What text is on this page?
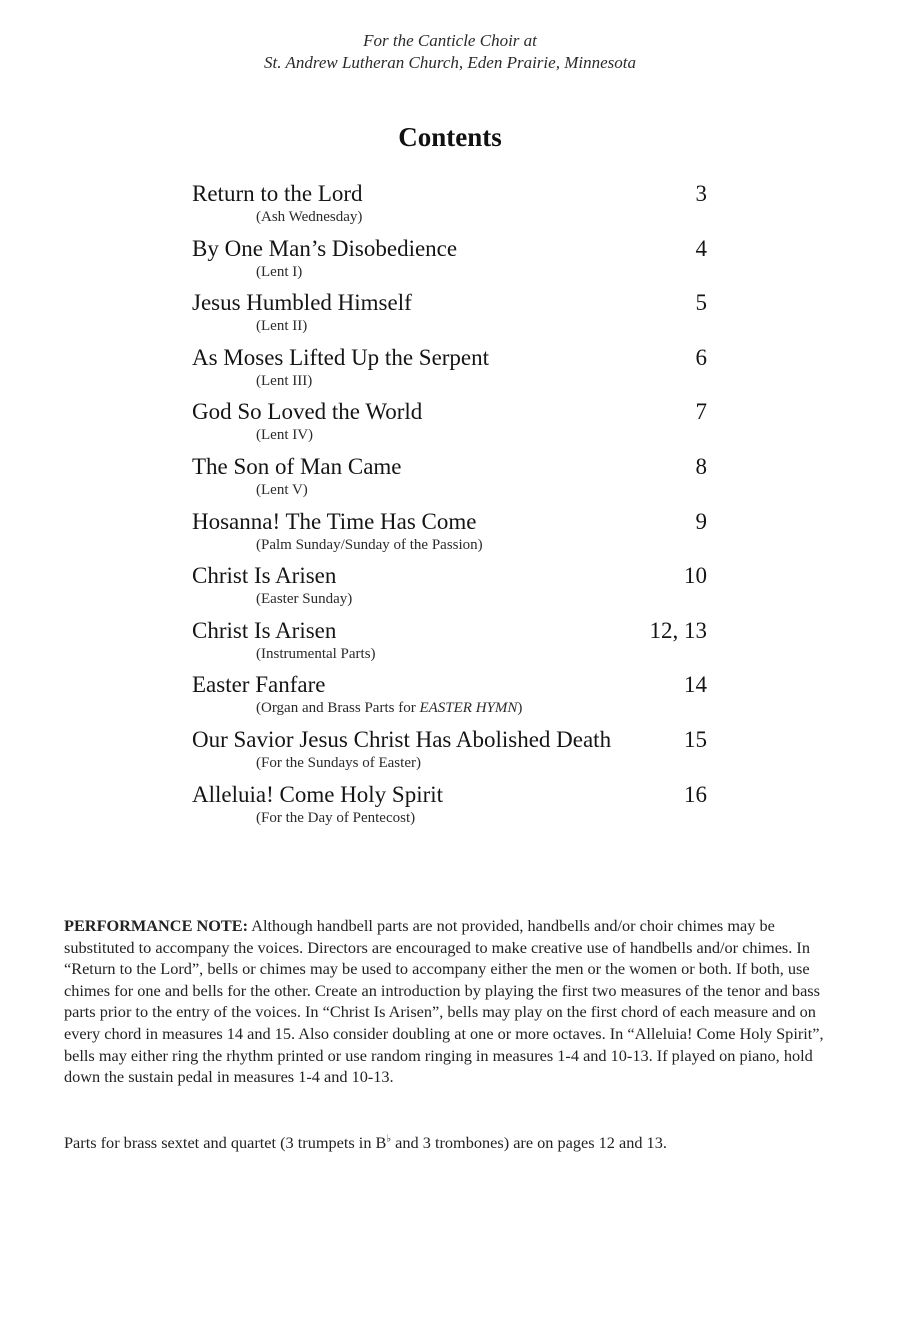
For the Canticle Choir at
St. Andrew Lutheran Church, Eden Prairie, Minnesota
Contents
Return to the Lord	3
(Ash Wednesday)
By One Man’s Disobedience	4
(Lent I)
Jesus Humbled Himself	5
(Lent II)
As Moses Lifted Up the Serpent	6
(Lent III)
God So Loved the World	7
(Lent IV)
The Son of Man Came	8
(Lent V)
Hosanna! The Time Has Come	9
(Palm Sunday/Sunday of the Passion)
Christ Is Arisen	10
(Easter Sunday)
Christ Is Arisen	12, 13
(Instrumental Parts)
Easter Fanfare	14
(Organ and Brass Parts for EASTER HYMN)
Our Savior Jesus Christ Has Abolished Death	15
(For the Sundays of Easter)
Alleluia! Come Holy Spirit	16
(For the Day of Pentecost)
PERFORMANCE NOTE: Although handbell parts are not provided, handbells and/or choir chimes may be substituted to accompany the voices. Directors are encouraged to make creative use of handbells and/or chimes. In “Return to the Lord”, bells or chimes may be used to accompany either the men or the women or both. If both, use chimes for one and bells for the other. Create an introduction by playing the first two measures of the tenor and bass parts prior to the entry of the voices. In “Christ Is Arisen”, bells may play on the first chord of each measure and on every chord in measures 14 and 15. Also consider doubling at one or more octaves. In “Alleluia! Come Holy Spirit”, bells may either ring the rhythm printed or use random ringing in measures 1-4 and 10-13. If played on piano, hold down the sustain pedal in measures 1-4 and 10-13.
Parts for brass sextet and quartet (3 trumpets in B♭ and 3 trombones) are on pages 12 and 13.
